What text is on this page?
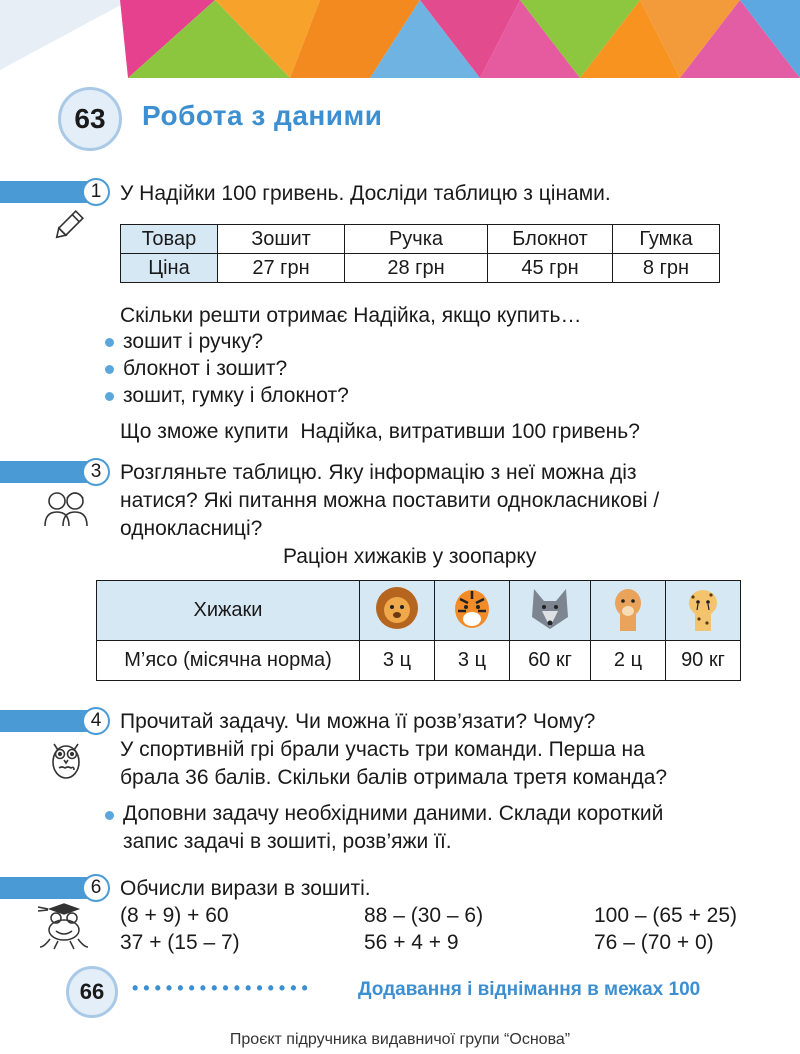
63	Робота з даними
1 У Надійки 100 гривень. Досліди таблицю з цінами.
Товар	Зошит	Ручка	Блокнот	Гумка
Ціна	27 грн	28 грн	45 грн	8 грн
Скільки решти отримає Надійка, якщо купить…
зошит і ручку?
блокнот і зошит?
зошит, гумку і блокнот?
Що зможе купити  Надійка, витративши 100 гривень?
3 Розгляньте таблицю. Яку інформацію з неї можна діз
натися? Які питання можна поставити однокласникові /
однокласниці?
Раціон хижаків у зоопарку
Хижаки					
М’ясо (місячна норма)	3 ц	3 ц	60 кг	2 ц	90 кг
4 Прочитай задачу. Чи можна її розв’язати? Чому?
У спортивній грі брали участь три команди. Перша на
брала 36 балів. Скільки балів отримала третя команда?
Доповни задачу необхідними даними. Склади короткий
запис задачі в зошиті, розв’яжи її.
6 Обчисли вирази в зошиті.
(8 + 9) + 60	88 – (30 – 6)	100 – (65 + 25)
37 + (15 – 7)	56 + 4 + 9	76 – (70 + 0)
66	•••••••••••••••• Додавання і віднімання в межах 100
Проєкт підручника видавничої групи “Основа”
